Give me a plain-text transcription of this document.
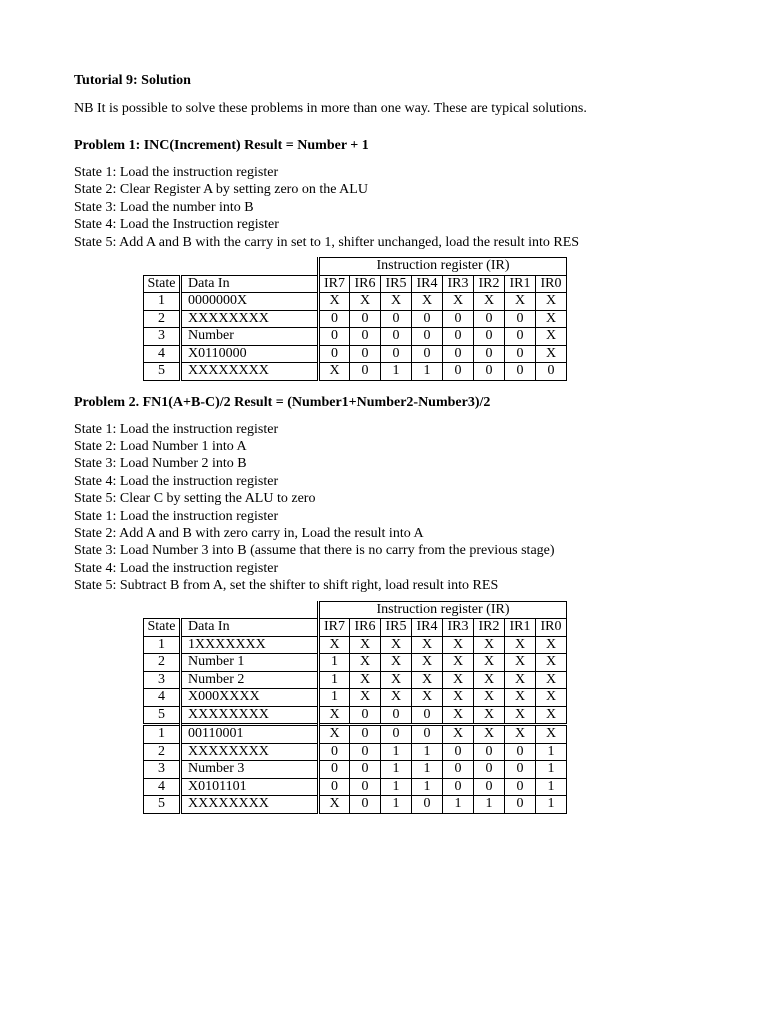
Tutorial 9: Solution
NB It is possible to solve these problems in more than one way. These are typical solutions.
Problem 1: INC(Increment) Result = Number + 1
State 1: Load the instruction register
State 2: Clear Register A by setting zero on the ALU
State 3: Load the number into B
State 4: Load the Instruction register
State 5: Add A and B with the carry in set to 1, shifter unchanged, load the result into RES
		Instruction register (IR)							
State	Data In	IR7	IR6	IR5	IR4	IR3	IR2	IR1	IR0
1	0000000X	X	X	X	X	X	X	X	X
2	XXXXXXXX	0	0	0	0	0	0	0	X
3	Number	0	0	0	0	0	0	0	X
4	X0110000	0	0	0	0	0	0	0	X
5	XXXXXXXX	X	0	1	1	0	0	0	0
Problem 2. FN1(A+B-C)/2 Result = (Number1+Number2-Number3)/2
State 1: Load the instruction register
State 2: Load Number 1 into A
State 3: Load Number 2 into B
State 4: Load the instruction register
State 5: Clear C by setting the ALU to zero
State 1: Load the instruction register
State 2: Add A and B with zero carry in, Load the result into A
State 3: Load Number 3 into B (assume that there is no carry from the previous stage)
State 4: Load the instruction register
State 5: Subtract B from A, set the shifter to shift right, load result into RES
		Instruction register (IR)							
State	Data In	IR7	IR6	IR5	IR4	IR3	IR2	IR1	IR0
1	1XXXXXXX	X	X	X	X	X	X	X	X
2	Number 1	1	X	X	X	X	X	X	X
3	Number 2	1	X	X	X	X	X	X	X
4	X000XXXX	1	X	X	X	X	X	X	X
5	XXXXXXXX	X	0	0	0	X	X	X	X
1	00110001	X	0	0	0	X	X	X	X
2	XXXXXXXX	0	0	1	1	0	0	0	1
3	Number 3	0	0	1	1	0	0	0	1
4	X0101101	0	0	1	1	0	0	0	1
5	XXXXXXXX	X	0	1	0	1	1	0	1
